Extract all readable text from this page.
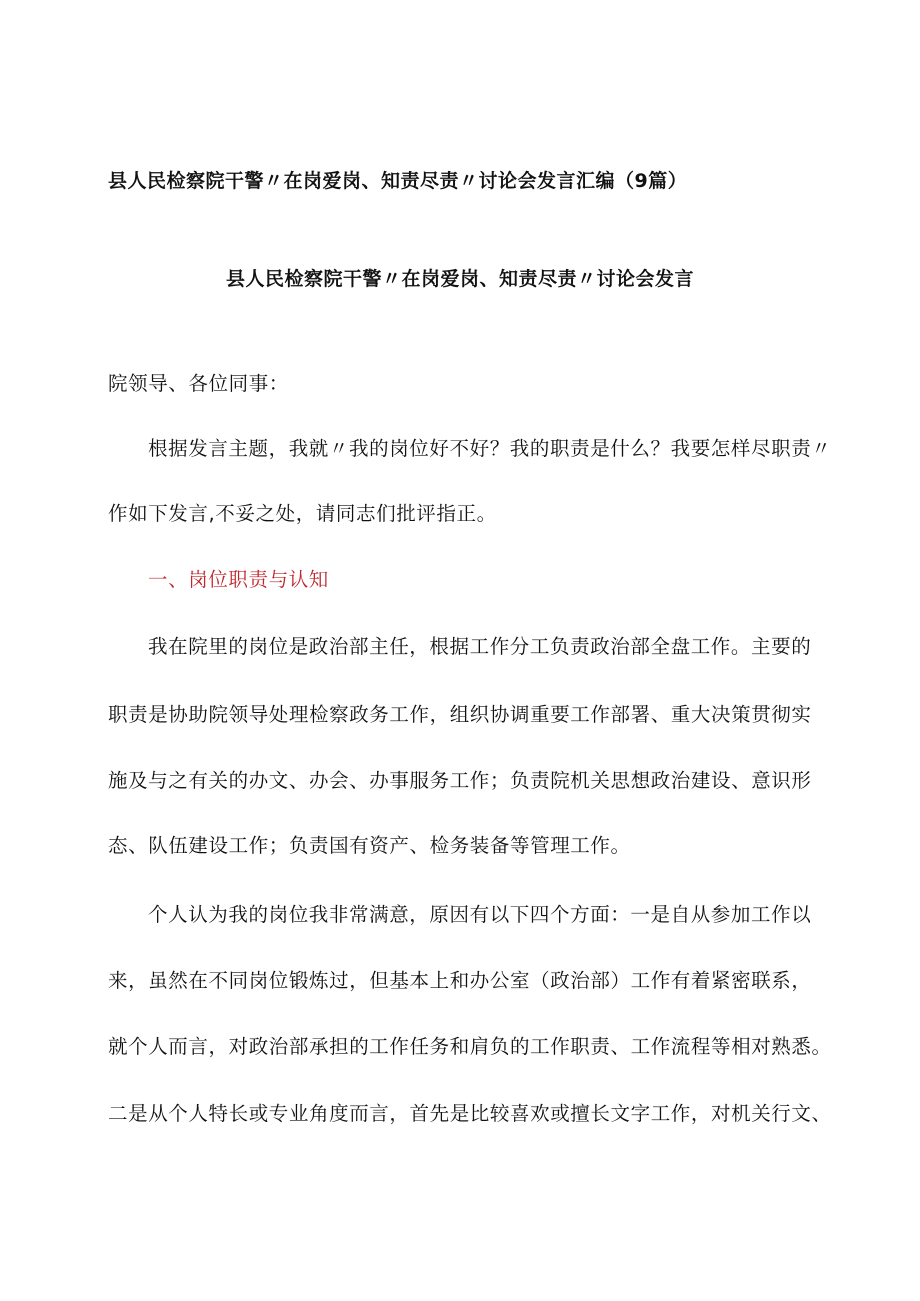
县人民检察院干警〃在岗爱岗、知责尽责〃讨论会发言汇编（9篇）
县人民检察院干警〃在岗爱岗、知责尽责〃讨论会发言
院领导、各位同事：
根据发言主题，我就〃我的岗位好不好？我的职责是什么？我要怎样尽职责〃
作如下发言,不妥之处，请同志们批评指正。
一、岗位职责与认知
我在院里的岗位是政治部主任，根据工作分工负责政治部全盘工作。主要的
职责是协助院领导处理检察政务工作，组织协调重要工作部署、重大决策贯彻实
施及与之有关的办文、办会、办事服务工作；负责院机关思想政治建设、意识形
态、队伍建设工作；负责国有资产、检务装备等管理工作。
个人认为我的岗位我非常满意，原因有以下四个方面：一是自从参加工作以
来，虽然在不同岗位锻炼过，但基本上和办公室（政治部）工作有着紧密联系，
就个人而言，对政治部承担的工作任务和肩负的工作职责、工作流程等相对熟悉。
二是从个人特长或专业角度而言，首先是比较喜欢或擅长文字工作，对机关行文、
